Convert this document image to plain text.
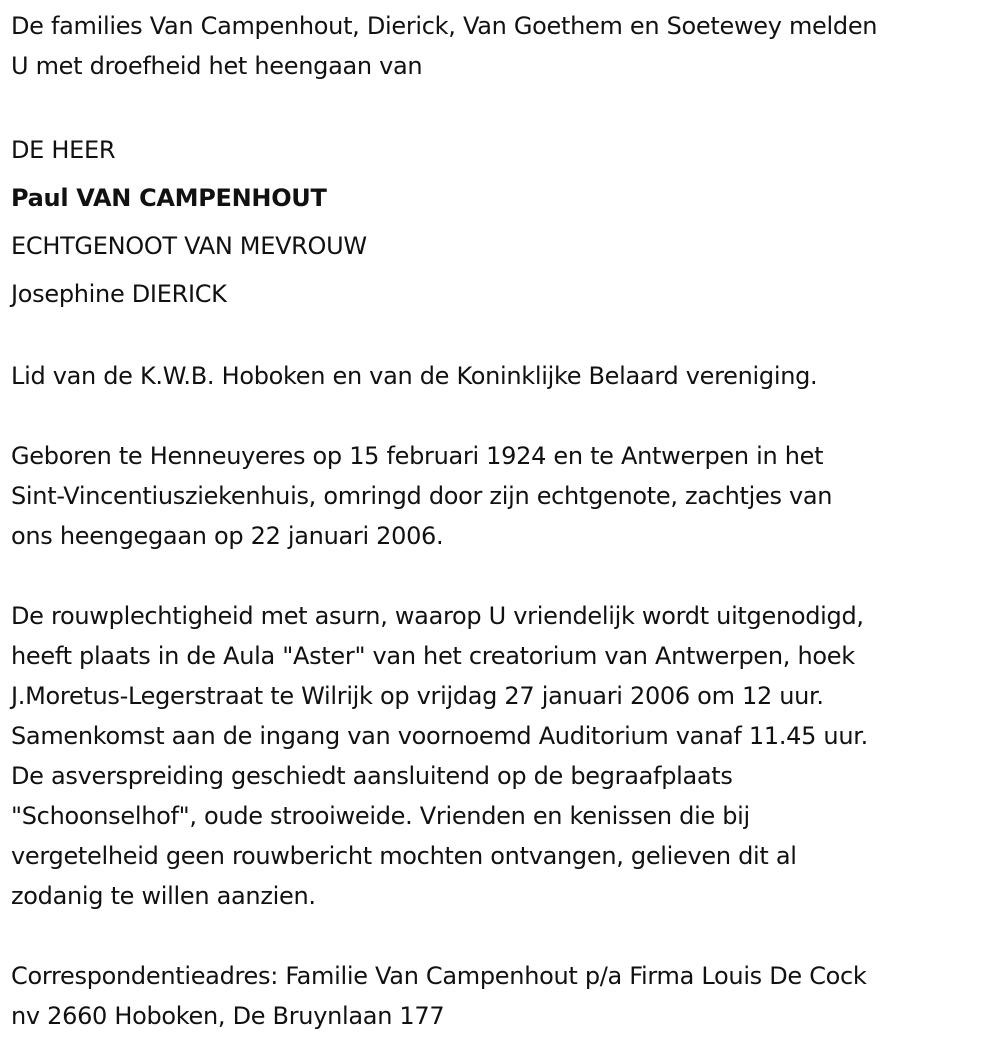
De families Van Campenhout, Dierick, Van Goethem en Soetewey melden
U met droefheid het heengaan van
DE HEER
Paul VAN CAMPENHOUT
ECHTGENOOT VAN MEVROUW
Josephine DIERICK
Lid van de K.W.B. Hoboken en van de Koninklijke Belaard vereniging.
Geboren te Henneuyeres op 15 februari 1924 en te Antwerpen in het
Sint-Vincentiusziekenhuis, omringd door zijn echtgenote, zachtjes van
ons heengegaan op 22 januari 2006.
De rouwplechtigheid met asurn, waarop U vriendelijk wordt uitgenodigd,
heeft plaats in de Aula "Aster" van het creatorium van Antwerpen, hoek
J.Moretus-Legerstraat te Wilrijk op vrijdag 27 januari 2006 om 12 uur.
Samenkomst aan de ingang van voornoemd Auditorium vanaf 11.45 uur.
De asverspreiding geschiedt aansluitend op de begraafplaats
"Schoonselhof", oude strooiweide. Vrienden en kenissen die bij
vergetelheid geen rouwbericht mochten ontvangen, gelieven dit al
zodanig te willen aanzien.
Correspondentieadres: Familie Van Campenhout p/a Firma Louis De Cock
nv 2660 Hoboken, De Bruynlaan 177
